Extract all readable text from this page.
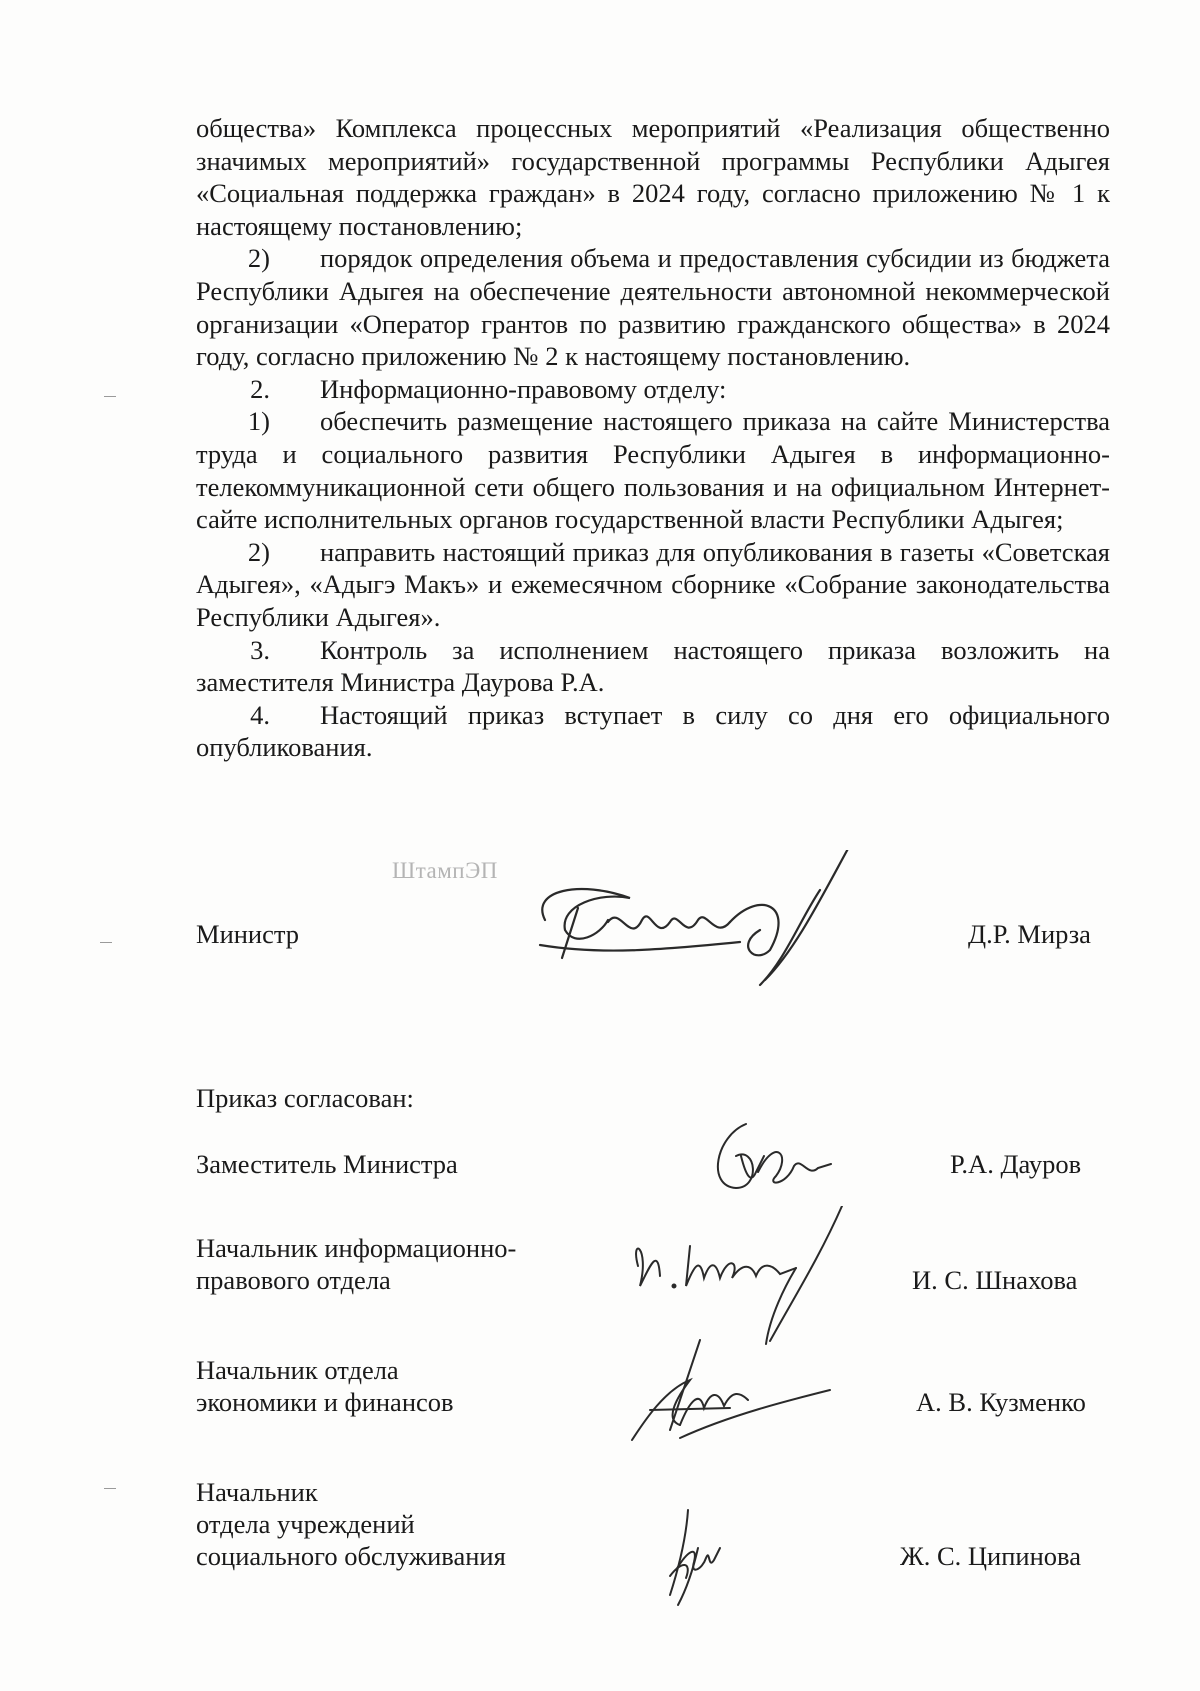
общества» Комплекса процессных мероприятий «Реализация общественно значимых мероприятий» государственной программы Республики Адыгея «Социальная поддержка граждан» в 2024 году, согласно приложению № 1 к настоящему постановлению;

2) порядок определения объема и предоставления субсидии из бюджета Республики Адыгея на обеспечение деятельности автономной некоммерческой организации «Оператор грантов по развитию гражданского общества» в 2024 году, согласно приложению № 2 к настоящему постановлению.

2. Информационно-правовому отделу:

1) обеспечить размещение настоящего приказа на сайте Министерства труда и социального развития Республики Адыгея в информационно-телекоммуникационной сети общего пользования и на официальном Интернет-сайте исполнительных органов государственной власти Республики Адыгея;

2) направить настоящий приказ для опубликования в газеты «Советская Адыгея», «Адыгэ Макъ» и ежемесячном сборнике «Собрание законодательства Республики Адыгея».

3. Контроль за исполнением настоящего приказа возложить на заместителя Министра Даурова Р.А.

4. Настоящий приказ вступает в силу со дня его официального опубликования.

ШтампЭП
Министр	Д.Р. Мирза
Приказ согласован:
Заместитель Министра	Р.А. Дауров
Начальник информационно-
правового отдела	И. С. Шнахова
Начальник отдела
экономики и финансов	А. В. Кузменко
Начальник
отдела учреждений
социального обслуживания	Ж. С. Ципинова
